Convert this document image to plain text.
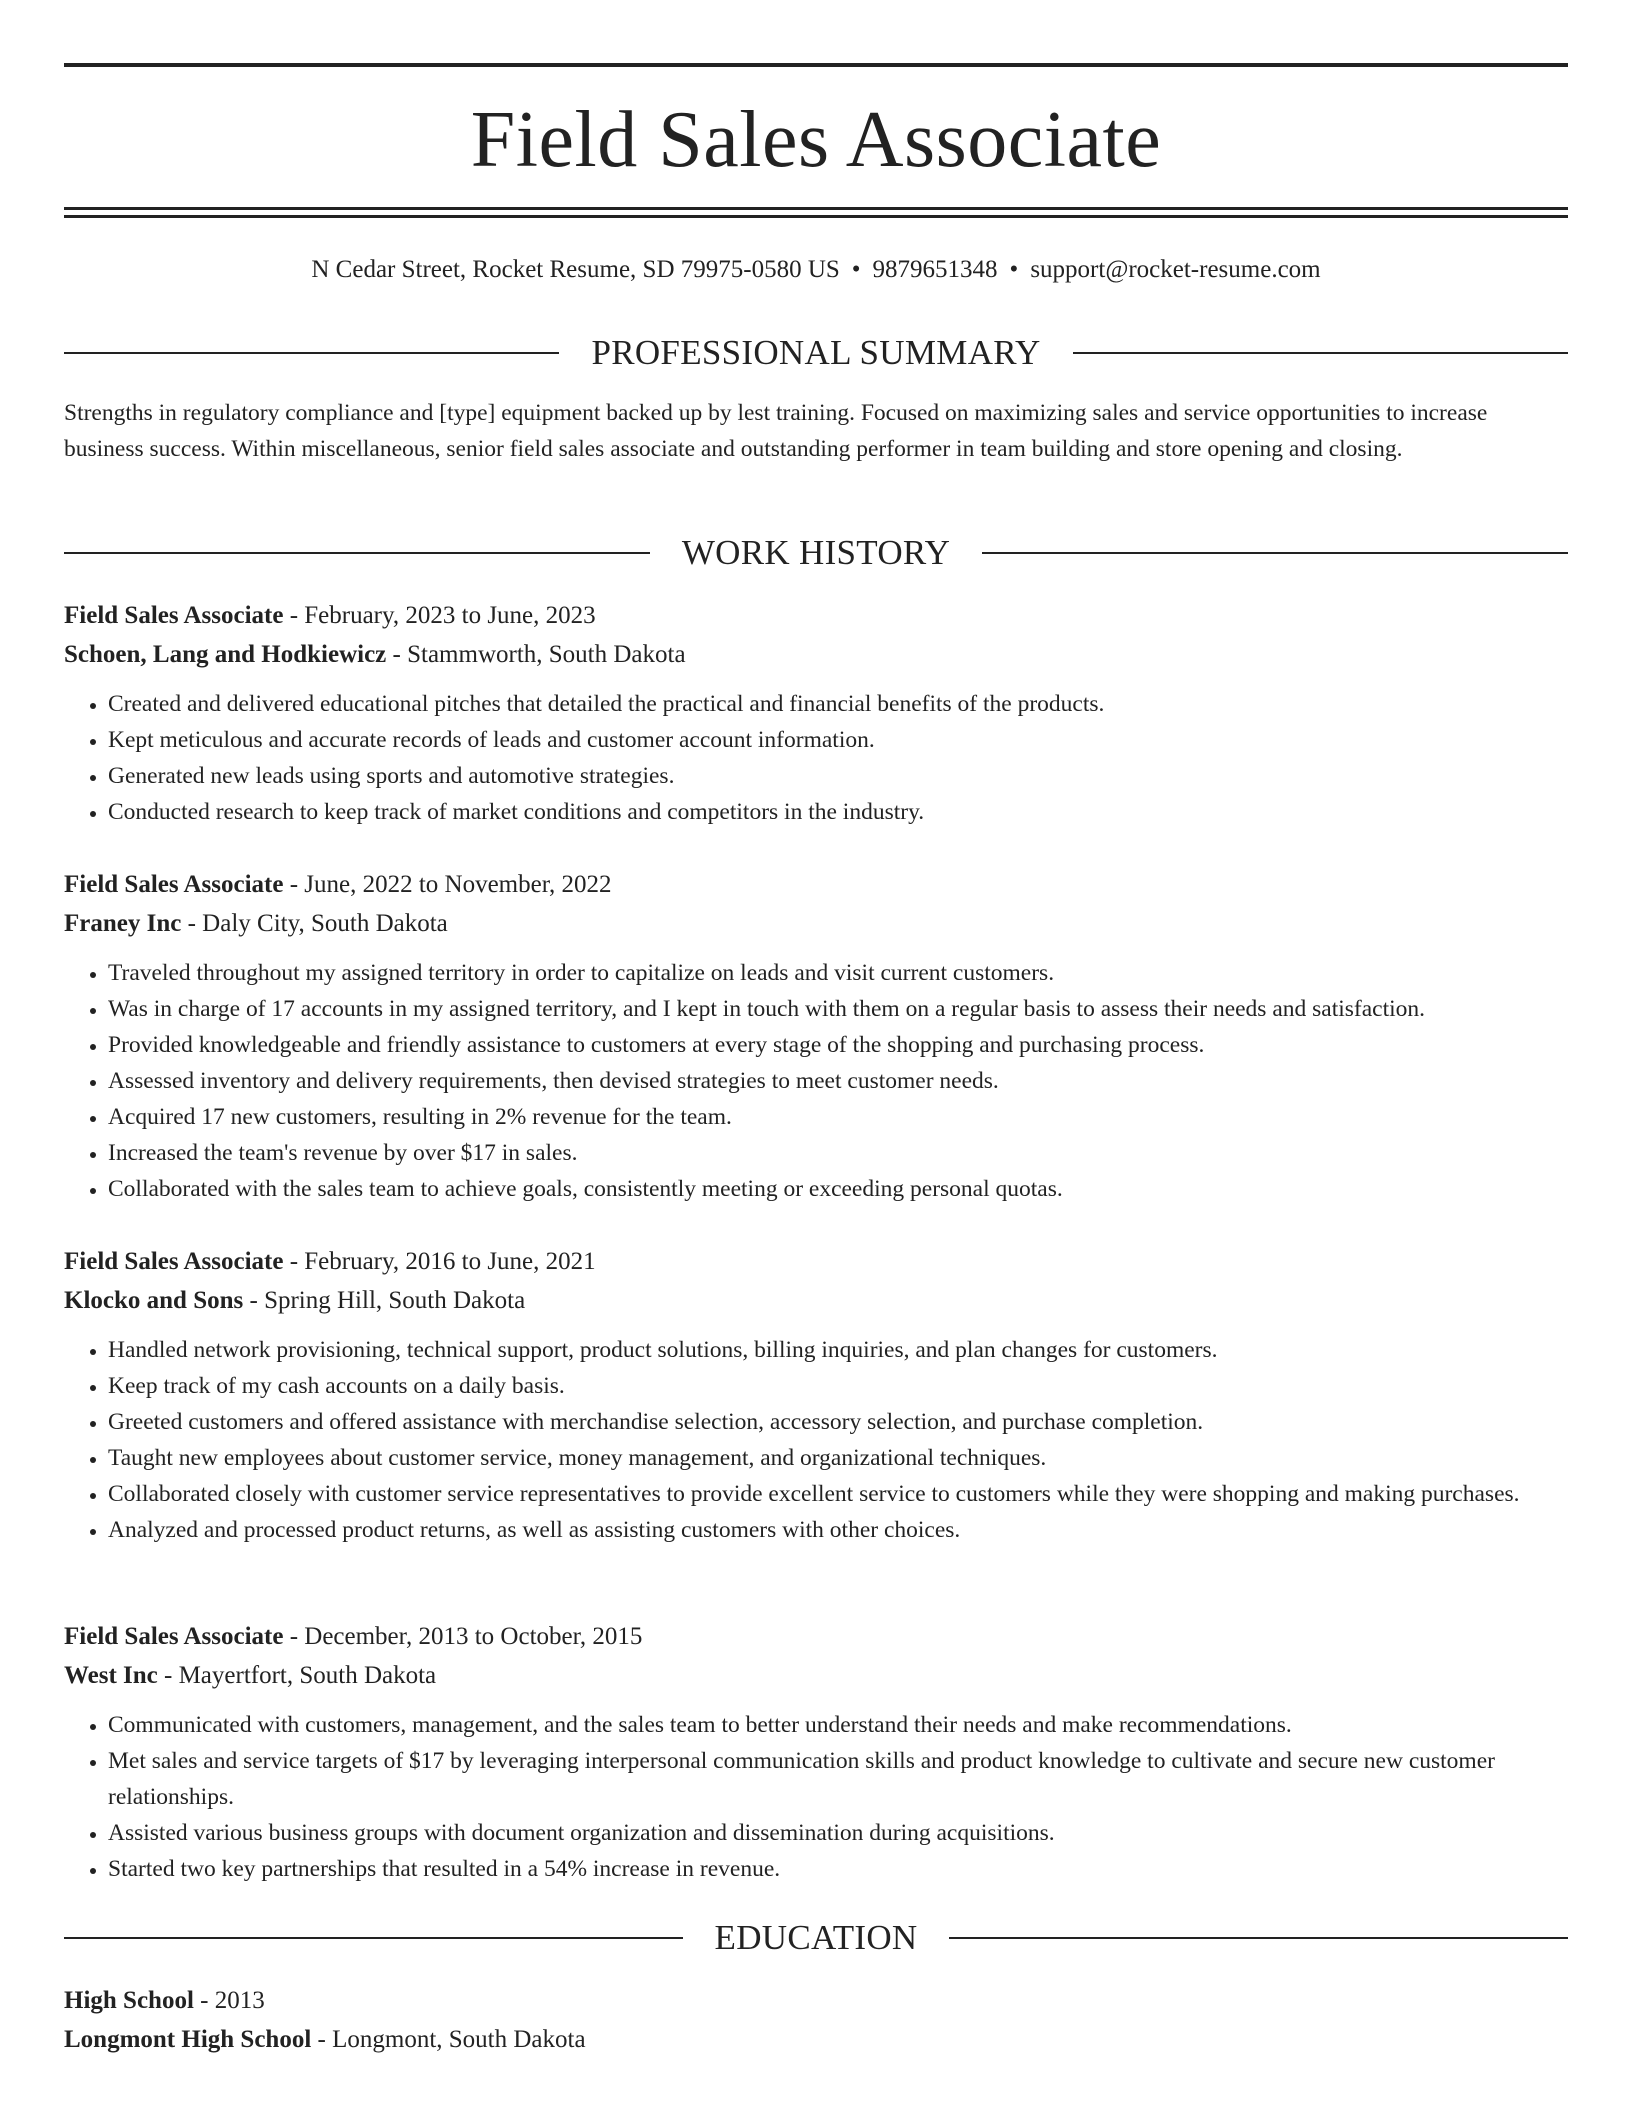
Field Sales Associate
N Cedar Street, Rocket Resume, SD 79975-0580 US • 9879651348 • support@rocket-resume.com
PROFESSIONAL SUMMARY

Strengths in regulatory compliance and [type] equipment backed up by lest training. Focused on maximizing sales and service opportunities to increase business success. Within miscellaneous, senior field sales associate and outstanding performer in team building and store opening and closing.

WORK HISTORY
Field Sales Associate - February, 2023 to June, 2023
Schoen, Lang and Hodkiewicz - Stammworth, South Dakota
• Created and delivered educational pitches that detailed the practical and financial benefits of the products.
• Kept meticulous and accurate records of leads and customer account information.
• Generated new leads using sports and automotive strategies.
• Conducted research to keep track of market conditions and competitors in the industry.
Field Sales Associate - June, 2022 to November, 2022
Franey Inc - Daly City, South Dakota
• Traveled throughout my assigned territory in order to capitalize on leads and visit current customers.
• Was in charge of 17 accounts in my assigned territory, and I kept in touch with them on a regular basis to assess their needs and satisfaction.
• Provided knowledgeable and friendly assistance to customers at every stage of the shopping and purchasing process.
• Assessed inventory and delivery requirements, then devised strategies to meet customer needs.
• Acquired 17 new customers, resulting in 2% revenue for the team.
• Increased the team's revenue by over $17 in sales.
• Collaborated with the sales team to achieve goals, consistently meeting or exceeding personal quotas.
Field Sales Associate - February, 2016 to June, 2021
Klocko and Sons - Spring Hill, South Dakota
• Handled network provisioning, technical support, product solutions, billing inquiries, and plan changes for customers.
• Keep track of my cash accounts on a daily basis.
• Greeted customers and offered assistance with merchandise selection, accessory selection, and purchase completion.
• Taught new employees about customer service, money management, and organizational techniques.
• Collaborated closely with customer service representatives to provide excellent service to customers while they were shopping and making purchases.
• Analyzed and processed product returns, as well as assisting customers with other choices.
Field Sales Associate - December, 2013 to October, 2015
West Inc - Mayertfort, South Dakota
• Communicated with customers, management, and the sales team to better understand their needs and make recommendations.
• Met sales and service targets of $17 by leveraging interpersonal communication skills and product knowledge to cultivate and secure new customer relationships.
• Assisted various business groups with document organization and dissemination during acquisitions.
• Started two key partnerships that resulted in a 54% increase in revenue.
EDUCATION
High School - 2013
Longmont High School - Longmont, South Dakota
